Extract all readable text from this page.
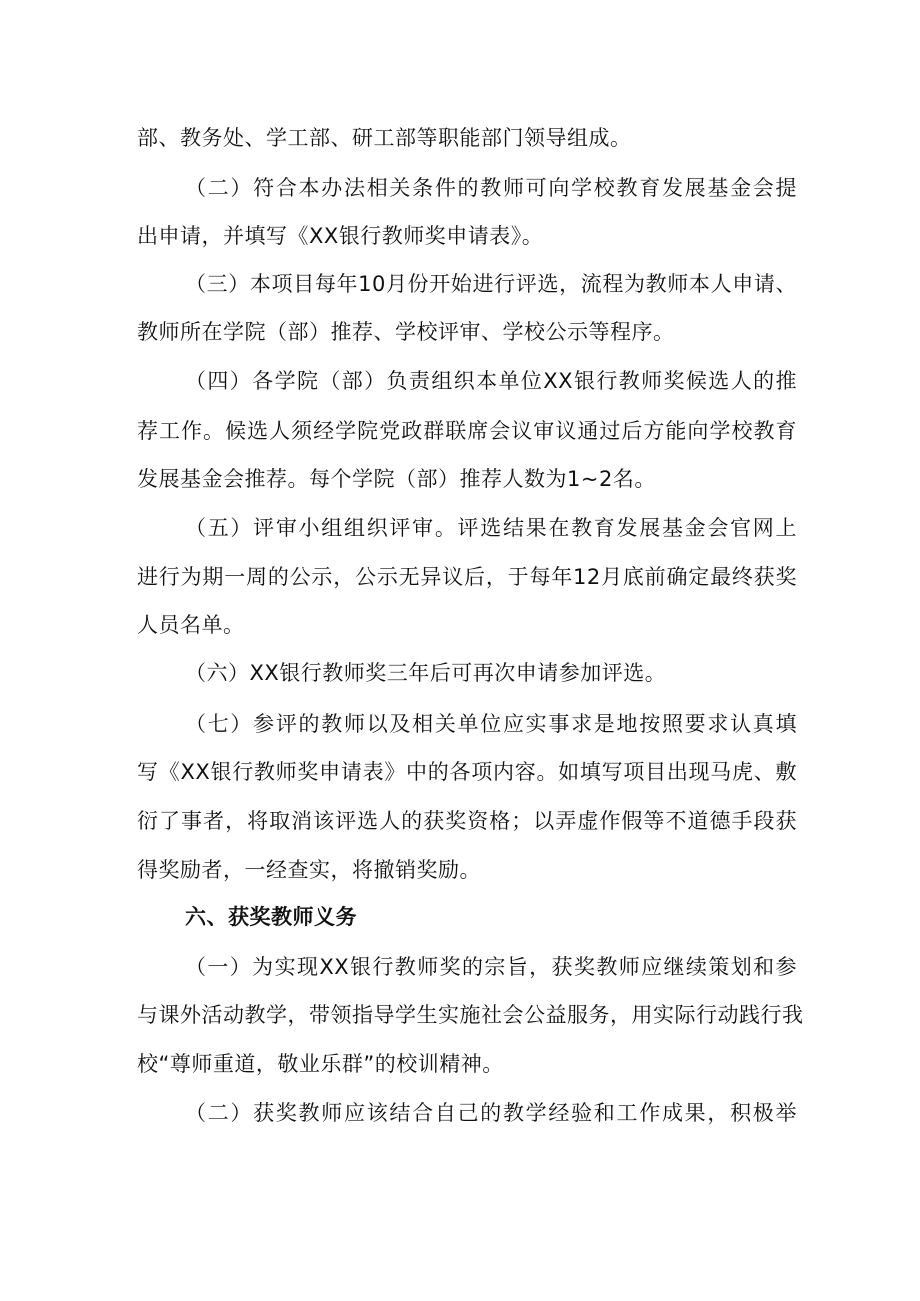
部、教务处、学工部、研工部等职能部门领导组成。
（二）符合本办法相关条件的教师可向学校教育发展基金会提
出申请，并填写《XX银行教师奖申请表》。
（三）本项目每年10月份开始进行评选，流程为教师本人申请、
教师所在学院（部）推荐、学校评审、学校公示等程序。
（四）各学院（部）负责组织本单位XX银行教师奖候选人的推
荐工作。候选人须经学院党政群联席会议审议通过后方能向学校教育
发展基金会推荐。每个学院（部）推荐人数为1~2名。
（五）评审小组组织评审。评选结果在教育发展基金会官网上
进行为期一周的公示，公示无异议后，于每年12月底前确定最终获奖
人员名单。
（六）XX银行教师奖三年后可再次申请参加评选。
（七）参评的教师以及相关单位应实事求是地按照要求认真填
写《XX银行教师奖申请表》中的各项内容。如填写项目出现马虎、敷
衍了事者，将取消该评选人的获奖资格；以弄虚作假等不道德手段获
得奖励者，一经查实，将撤销奖励。
六、获奖教师义务
（一）为实现XX银行教师奖的宗旨，获奖教师应继续策划和参
与课外活动教学，带领指导学生实施社会公益服务，用实际行动践行我
校“尊师重道，敬业乐群”的校训精神。
（二）获奖教师应该结合自己的教学经验和工作成果，积极举
